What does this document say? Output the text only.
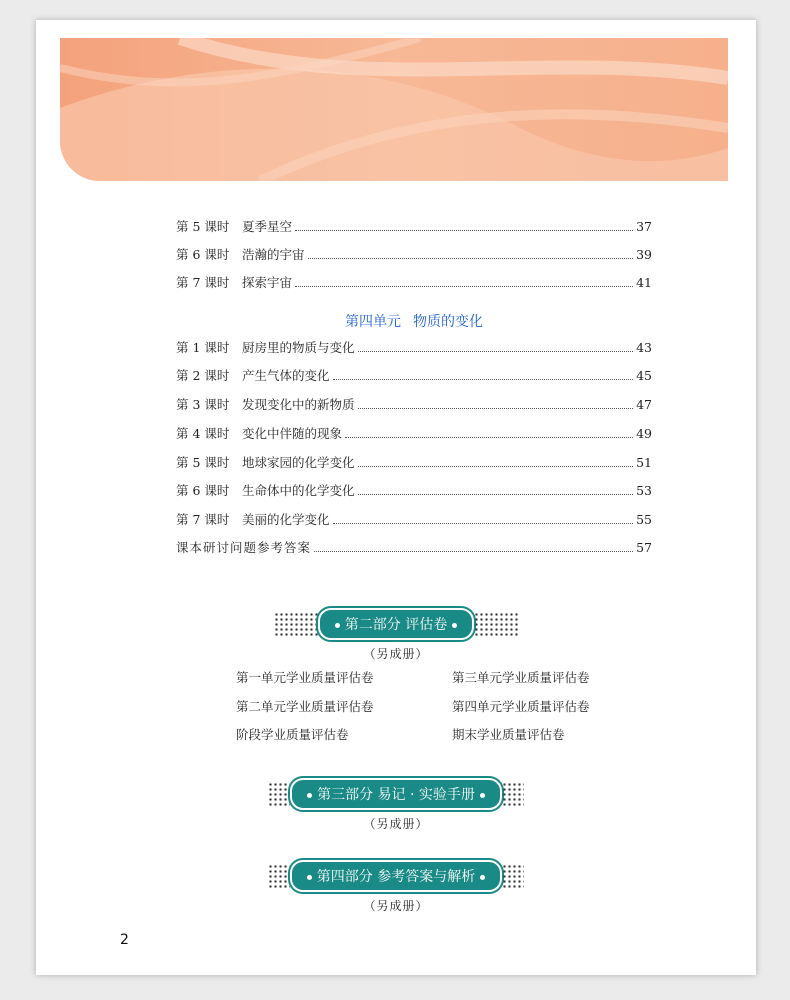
第 5 课时	夏季星空	37
第 6 课时	浩瀚的宇宙	39
第 7 课时	探索宇宙	41
第四单元 物质的变化
第 1 课时	厨房里的物质与变化	43
第 2 课时	产生气体的变化	45
第 3 课时	发现变化中的新物质	47
第 4 课时	变化中伴随的现象	49
第 5 课时	地球家园的化学变化	51
第 6 课时	生命体中的化学变化	53
第 7 课时	美丽的化学变化	55
课本研讨问题参考答案	57
第二部分 评估卷
（另成册）
第一单元学业质量评估卷	第三单元学业质量评估卷
第二单元学业质量评估卷	第四单元学业质量评估卷
阶段学业质量评估卷	期末学业质量评估卷
第三部分 易记 · 实验手册
（另成册）
第四部分 参考答案与解析
（另成册）
2
